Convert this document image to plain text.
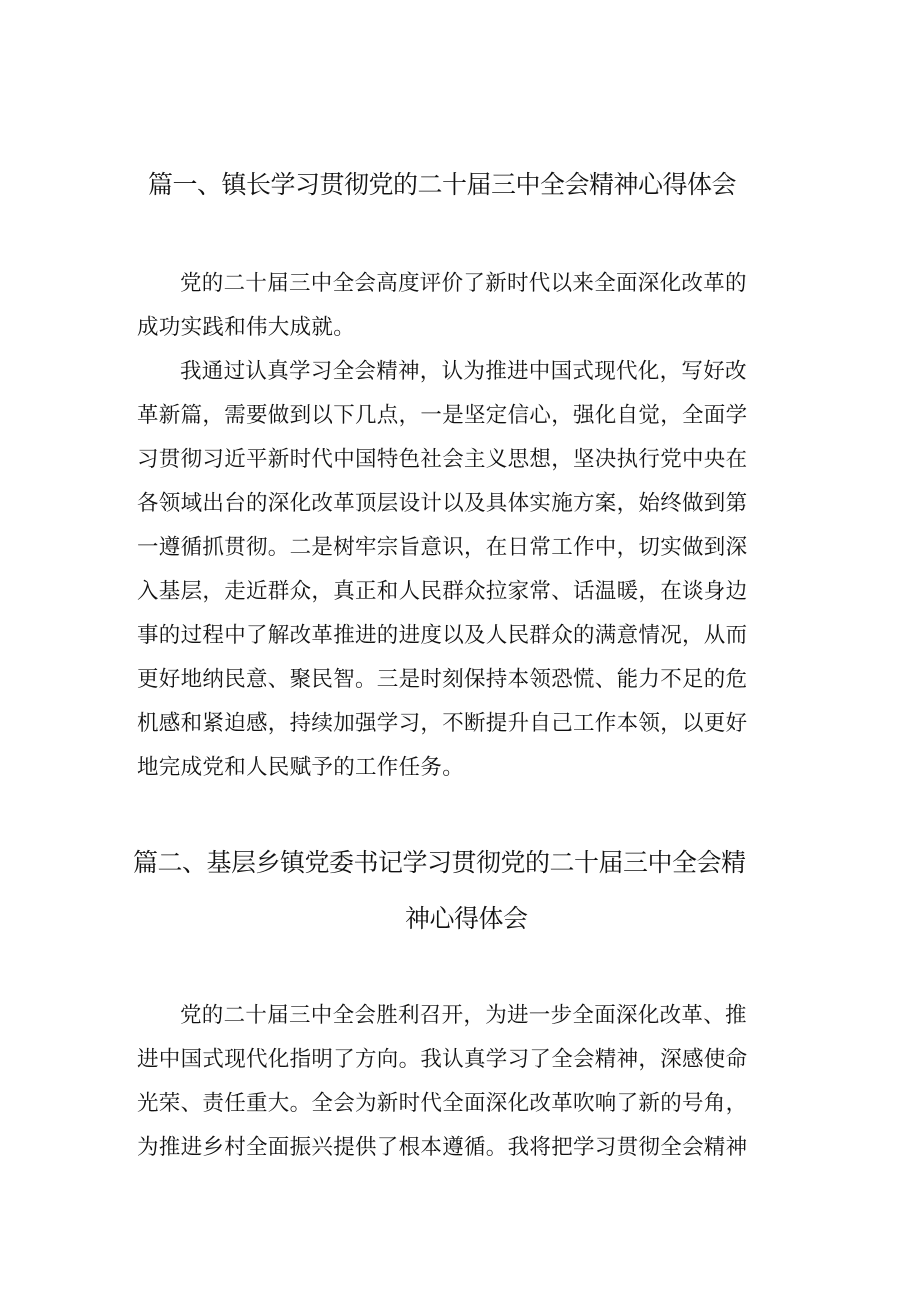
篇一、镇长学习贯彻党的二十届三中全会精神心得体会
党的二十届三中全会高度评价了新时代以来全面深化改革的
成功实践和伟大成就。
我通过认真学习全会精神，认为推进中国式现代化，写好改
革新篇，需要做到以下几点，一是坚定信心，强化自觉，全面学
习贯彻习近平新时代中国特色社会主义思想，坚决执行党中央在
各领域出台的深化改革顶层设计以及具体实施方案，始终做到第
一遵循抓贯彻。二是树牢宗旨意识，在日常工作中，切实做到深
入基层，走近群众，真正和人民群众拉家常、话温暖，在谈身边
事的过程中了解改革推进的进度以及人民群众的满意情况，从而
更好地纳民意、聚民智。三是时刻保持本领恐慌、能力不足的危
机感和紧迫感，持续加强学习，不断提升自己工作本领，以更好
地完成党和人民赋予的工作任务。
篇二、基层乡镇党委书记学习贯彻党的二十届三中全会精
神心得体会
党的二十届三中全会胜利召开，为进一步全面深化改革、推
进中国式现代化指明了方向。我认真学习了全会精神，深感使命
光荣、责任重大。全会为新时代全面深化改革吹响了新的号角，
为推进乡村全面振兴提供了根本遵循。我将把学习贯彻全会精神
